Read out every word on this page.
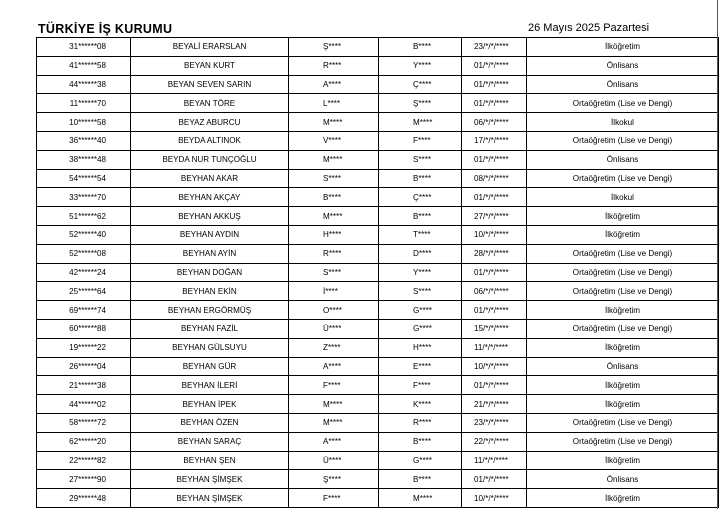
TÜRKİYE İŞ KURUMU	26 Mayıs 2025 Pazartesi
31******08	BEYALİ ERARSLAN	Ş****	B****	23/*/*/****	İlköğretim
41******58	BEYAN KURT	R****	Y****	01/*/*/****	Önlisans
44******38	BEYAN SEVEN SARIN	A****	Ç****	01/*/*/****	Önlisans
11******70	BEYAN TÖRE	L****	Ş****	01/*/*/****	Ortaöğretim (Lise ve Dengi)
10******58	BEYAZ ABURCU	M****	M****	06/*/*/****	İlkokul
36******40	BEYDA ALTINOK	V****	F****	17/*/*/****	Ortaöğretim (Lise ve Dengi)
38******48	BEYDA NUR TUNÇOĞLU	M****	S****	01/*/*/****	Önlisans
54******54	BEYHAN AKAR	S****	B****	08/*/*/****	Ortaöğretim (Lise ve Dengi)
33******70	BEYHAN AKÇAY	B****	Ç****	01/*/*/****	İlkokul
51******62	BEYHAN AKKUŞ	M****	B****	27/*/*/****	İlköğretim
52******40	BEYHAN AYDIN	H****	T****	10/*/*/****	İlköğretim
52******08	BEYHAN AYİN	R****	D****	28/*/*/****	Ortaöğretim (Lise ve Dengi)
42******24	BEYHAN DOĞAN	S****	Y****	01/*/*/****	Ortaöğretim (Lise ve Dengi)
25******64	BEYHAN EKİN	İ****	S****	06/*/*/****	Ortaöğretim (Lise ve Dengi)
69******74	BEYHAN ERGÖRMÜŞ	O****	G****	01/*/*/****	İlköğretim
60******88	BEYHAN FAZİL	Ü****	G****	15/*/*/****	Ortaöğretim (Lise ve Dengi)
19******22	BEYHAN GÜLSUYU	Z****	H****	11/*/*/****	İlköğretim
26******04	BEYHAN GÜR	A****	E****	10/*/*/****	Önlisans
21******38	BEYHAN İLERİ	F****	F****	01/*/*/****	İlköğretim
44******02	BEYHAN İPEK	M****	K****	21/*/*/****	İlköğretim
58******72	BEYHAN ÖZEN	M****	R****	23/*/*/****	Ortaöğretim (Lise ve Dengi)
62******20	BEYHAN SARAÇ	A****	B****	22/*/*/****	Ortaöğretim (Lise ve Dengi)
22******82	BEYHAN ŞEN	Ü****	G****	11/*/*/****	İlköğretim
27******90	BEYHAN ŞİMŞEK	Ş****	B****	01/*/*/****	Önlisans
29******48	BEYHAN ŞİMŞEK	F****	M****	10/*/*/****	İlköğretim
